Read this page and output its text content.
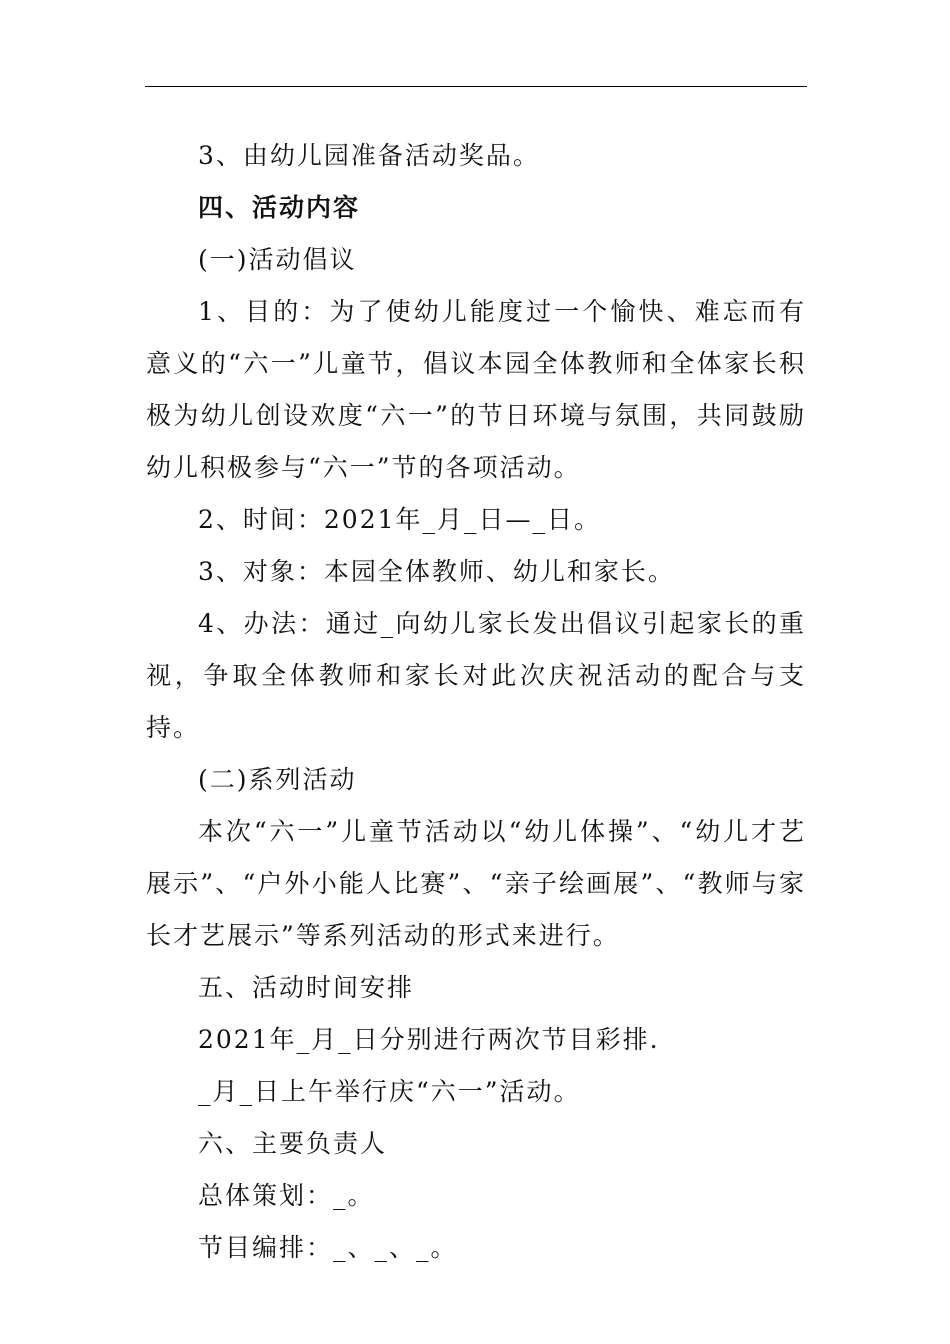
3、由幼儿园准备活动奖品。

四、活动内容

(一)活动倡议

1、目的：为了使幼儿能度过一个愉快、难忘而有意义的“六一”儿童节，倡议本园全体教师和全体家长积极为幼儿创设欢度“六一”的节日环境与氛围，共同鼓励幼儿积极参与“六一”节的各项活动。

2、时间：2021年_月_日—_日。

3、对象：本园全体教师、幼儿和家长。

4、办法：通过_向幼儿家长发出倡议引起家长的重视，争取全体教师和家长对此次庆祝活动的配合与支持。

(二)系列活动

本次“六一”儿童节活动以“幼儿体操”、“幼儿才艺展示”、“户外小能人比赛”、“亲子绘画展”、“教师与家长才艺展示”等系列活动的形式来进行。

五、活动时间安排

2021年_月_日分别进行两次节目彩排.

_月_日上午举行庆“六一”活动。

六、主要负责人

总体策划：_。

节目编排：_、_、_。
